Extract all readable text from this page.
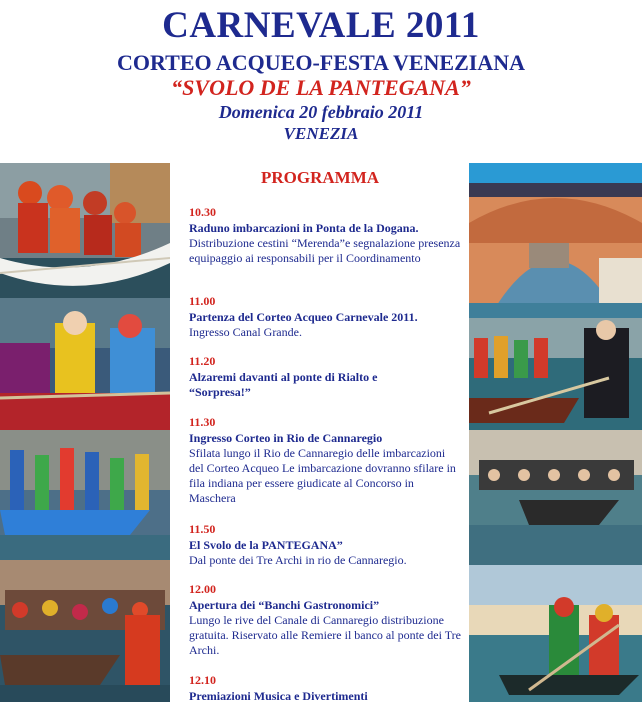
CARNEVALE 2011
CORTEO ACQUEO-FESTA VENEZIANA
“SVOLO DE LA PANTEGANA”
Domenica 20 febbraio 2011
VENEZIA
PROGRAMMA
10.30
Raduno imbarcazioni in Ponta de la Dogana.
Distribuzione cestini “Merenda”e segnalazione presenza equipaggio ai responsabili per il Coordinamento
11.00
Partenza del Corteo Acqueo Carnevale 2011.
Ingresso Canal Grande.
11.20
Alzaremi davanti al ponte di Rialto e “Sorpresa!”
11.30
Ingresso Corteo in Rio de Cannaregio
Sfilata lungo il Rio de Cannaregio delle imbarcazioni del Corteo Acqueo Le imbarcazione dovranno sfilare in fila indiana per essere giudicate al Concorso in Maschera
11.50
El Svolo de la PANTEGANA”
Dal ponte dei Tre Archi in rio de Cannaregio.
12.00
Apertura dei “Banchi Gastronomici”
Lungo le rive del Canale di Cannaregio distribuzione gratuita. Riservato alle Remiere il banco al ponte dei Tre Archi.
12.10
Premiazioni Musica e Divertimenti
